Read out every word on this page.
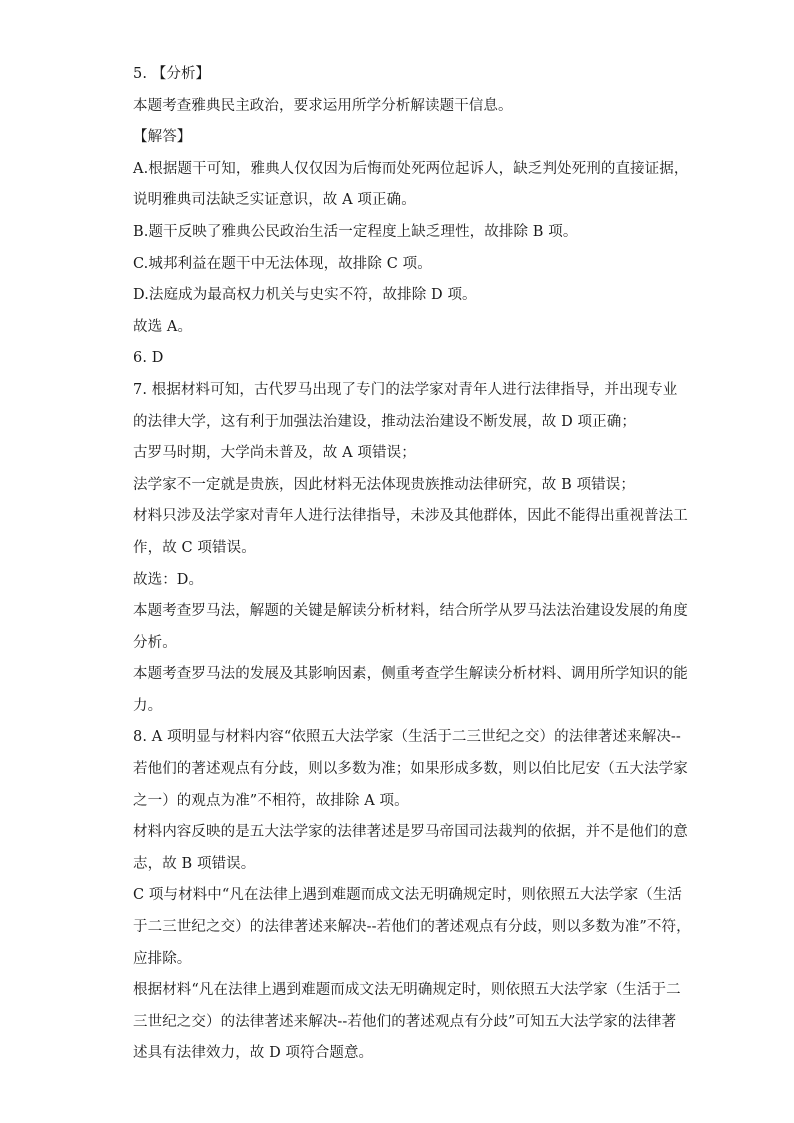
5. 【分析】
本题考查雅典民主政治，要求运用所学分析解读题干信息。
【解答】
A.根据题干可知，雅典人仅仅因为后悔而处死两位起诉人，缺乏判处死刑的直接证据，
说明雅典司法缺乏实证意识，故 A 项正确。
B.题干反映了雅典公民政治生活一定程度上缺乏理性，故排除 B 项。
C.城邦利益在题干中无法体现，故排除 C 项。
D.法庭成为最高权力机关与史实不符，故排除 D 项。
故选 A。
6. D
7. 根据材料可知，古代罗马出现了专门的法学家对青年人进行法律指导，并出现专业
的法律大学，这有利于加强法治建设，推动法治建设不断发展，故 D 项正确；
古罗马时期，大学尚未普及，故 A 项错误；
法学家不一定就是贵族，因此材料无法体现贵族推动法律研究，故 B 项错误；
材料只涉及法学家对青年人进行法律指导，未涉及其他群体，因此不能得出重视普法工
作，故 C 项错误。
故选：D。
本题考查罗马法，解题的关键是解读分析材料，结合所学从罗马法法治建设发展的角度
分析。
本题考查罗马法的发展及其影响因素，侧重考查学生解读分析材料、调用所学知识的能
力。
8. A 项明显与材料内容“依照五大法学家（生活于二三世纪之交）的法律著述来解决--
若他们的著述观点有分歧，则以多数为准；如果形成多数，则以伯比尼安（五大法学家
之一）的观点为准”不相符，故排除 A 项。
材料内容反映的是五大法学家的法律著述是罗马帝国司法裁判的依据，并不是他们的意
志，故 B 项错误。
C 项与材料中“凡在法律上遇到难题而成文法无明确规定时，则依照五大法学家（生活
于二三世纪之交）的法律著述来解决--若他们的著述观点有分歧，则以多数为准”不符，
应排除。
根据材料“凡在法律上遇到难题而成文法无明确规定时，则依照五大法学家（生活于二
三世纪之交）的法律著述来解决--若他们的著述观点有分歧”可知五大法学家的法律著
述具有法律效力，故 D 项符合题意。
